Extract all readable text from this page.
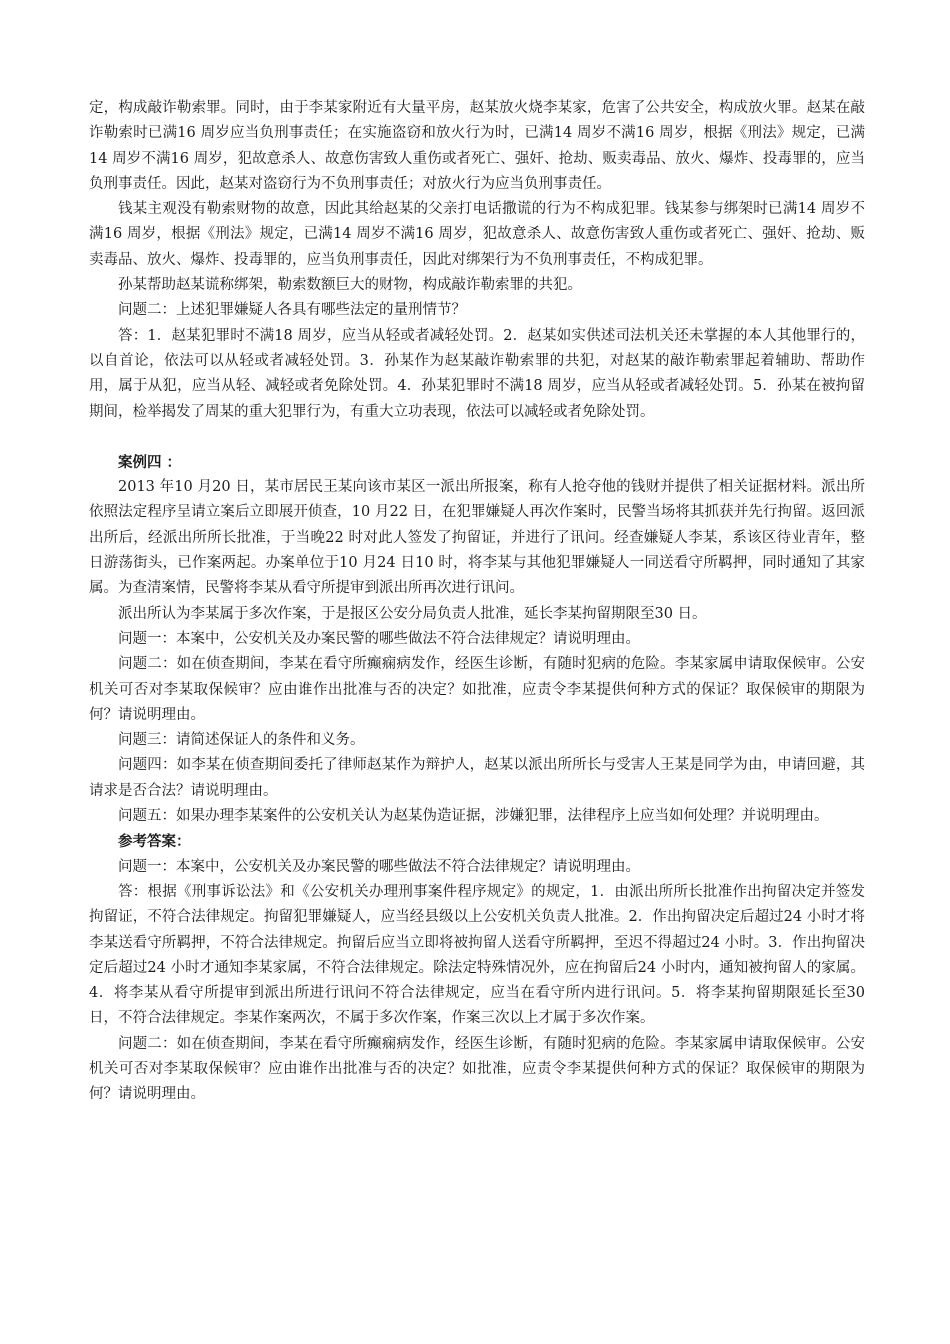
定，构成敲诈勒索罪。同时，由于李某家附近有大量平房，赵某放火烧李某家，危害了公共安全，构成放火罪。赵某在敲诈勒索时已满16 周岁应当负刑事责任；在实施盗窃和放火行为时，已满14 周岁不满16 周岁，根据《刑法》规定，已满14 周岁不满16 周岁，犯故意杀人、故意伤害致人重伤或者死亡、强奸、抢劫、贩卖毒品、放火、爆炸、投毒罪的，应当负刑事责任。因此，赵某对盗窃行为不负刑事责任；对放火行为应当负刑事责任。

钱某主观没有勒索财物的故意，因此其给赵某的父亲打电话撒谎的行为不构成犯罪。钱某参与绑架时已满14 周岁不满16 周岁，根据《刑法》规定，已满14 周岁不满16 周岁，犯故意杀人、故意伤害致人重伤或者死亡、强奸、抢劫、贩卖毒品、放火、爆炸、投毒罪的，应当负刑事责任，因此对绑架行为不负刑事责任，不构成犯罪。

孙某帮助赵某谎称绑架，勒索数额巨大的财物，构成敲诈勒索罪的共犯。

问题二：上述犯罪嫌疑人各具有哪些法定的量刑情节？

答：1．赵某犯罪时不满18 周岁，应当从轻或者减轻处罚。2．赵某如实供述司法机关还未掌握的本人其他罪行的，以自首论，依法可以从轻或者减轻处罚。3．孙某作为赵某敲诈勒索罪的共犯，对赵某的敲诈勒索罪起着辅助、帮助作用，属于从犯，应当从轻、减轻或者免除处罚。4．孙某犯罪时不满18 周岁，应当从轻或者减轻处罚。5．孙某在被拘留期间，检举揭发了周某的重大犯罪行为，有重大立功表现，依法可以减轻或者免除处罚。

案例四 ：

2013 年10 月20 日，某市居民王某向该市某区一派出所报案，称有人抢夺他的钱财并提供了相关证据材料。派出所依照法定程序呈请立案后立即展开侦查，10 月22 日，在犯罪嫌疑人再次作案时，民警当场将其抓获并先行拘留。返回派出所后，经派出所所长批准，于当晚22 时对此人签发了拘留证，并进行了讯问。经查嫌疑人李某，系该区待业青年，整日游荡街头，已作案两起。办案单位于10 月24 日10 时，将李某与其他犯罪嫌疑人一同送看守所羁押，同时通知了其家属。为查清案情，民警将李某从看守所提审到派出所再次进行讯问。

派出所认为李某属于多次作案，于是报区公安分局负责人批准，延长李某拘留期限至30 日。

问题一：本案中，公安机关及办案民警的哪些做法不符合法律规定？请说明理由。

问题二：如在侦查期间，李某在看守所癫痫病发作，经医生诊断，有随时犯病的危险。李某家属申请取保候审。公安机关可否对李某取保候审？应由谁作出批准与否的决定？如批准，应责令李某提供何种方式的保证？取保候审的期限为何？请说明理由。

问题三：请简述保证人的条件和义务。

问题四：如李某在侦查期间委托了律师赵某作为辩护人，赵某以派出所所长与受害人王某是同学为由，申请回避，其请求是否合法？请说明理由。

问题五：如果办理李某案件的公安机关认为赵某伪造证据，涉嫌犯罪，法律程序上应当如何处理？并说明理由。

参考答案：

问题一：本案中，公安机关及办案民警的哪些做法不符合法律规定？请说明理由。

答：根据《刑事诉讼法》和《公安机关办理刑事案件程序规定》的规定，1．由派出所所长批准作出拘留决定并签发拘留证，不符合法律规定。拘留犯罪嫌疑人，应当经县级以上公安机关负责人批准。2．作出拘留决定后超过24 小时才将李某送看守所羁押，不符合法律规定。拘留后应当立即将被拘留人送看守所羁押，至迟不得超过24 小时。3．作出拘留决定后超过24 小时才通知李某家属，不符合法律规定。除法定特殊情况外，应在拘留后24 小时内，通知被拘留人的家属。4．将李某从看守所提审到派出所进行讯问不符合法律规定，应当在看守所内进行讯问。5．将李某拘留期限延长至30 日，不符合法律规定。李某作案两次，不属于多次作案，作案三次以上才属于多次作案。

问题二：如在侦查期间，李某在看守所癫痫病发作，经医生诊断，有随时犯病的危险。李某家属申请取保候审。公安机关可否对李某取保候审？应由谁作出批准与否的决定？如批准，应责令李某提供何种方式的保证？取保候审的期限为何？请说明理由。
